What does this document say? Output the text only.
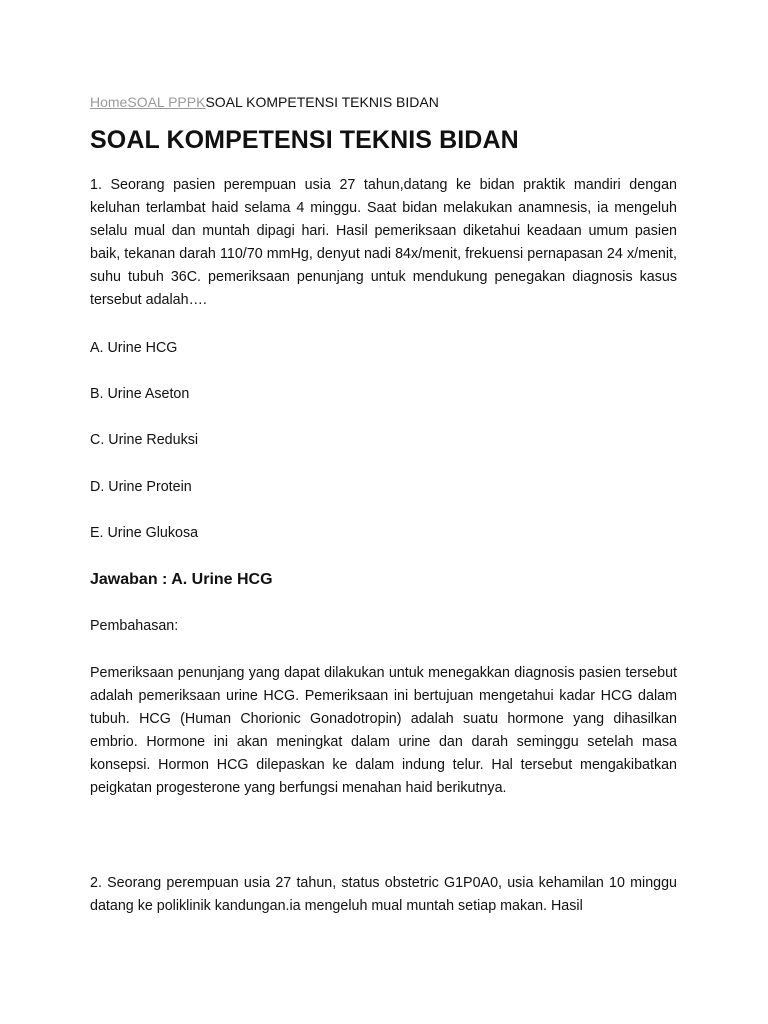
HomeSOAL PPPKSOAL KOMPETENSI TEKNIS BIDAN
SOAL KOMPETENSI TEKNIS BIDAN

1. Seorang pasien perempuan usia 27 tahun,datang ke bidan praktik mandiri dengan keluhan terlambat haid selama 4 minggu. Saat bidan melakukan anamnesis, ia mengeluh selalu mual dan muntah dipagi hari. Hasil pemeriksaan diketahui keadaan umum pasien baik, tekanan darah 110/70 mmHg, denyut nadi 84x/menit, frekuensi pernapasan 24 x/menit, suhu tubuh 36C. pemeriksaan penunjang untuk mendukung penegakan diagnosis kasus tersebut adalah….

A. Urine HCG

B. Urine Aseton

C. Urine Reduksi

D. Urine Protein

E. Urine Glukosa

Jawaban : A. Urine HCG

Pembahasan:

Pemeriksaan penunjang yang dapat dilakukan untuk menegakkan diagnosis pasien tersebut adalah pemeriksaan urine HCG. Pemeriksaan ini bertujuan mengetahui kadar HCG dalam tubuh. HCG (Human Chorionic Gonadotropin) adalah suatu hormone yang dihasilkan embrio. Hormone ini akan meningkat dalam urine dan darah seminggu setelah masa konsepsi. Hormon HCG dilepaskan ke dalam indung telur. Hal tersebut mengakibatkan peigkatan progesterone yang berfungsi menahan haid berikutnya.

2. Seorang perempuan usia 27 tahun, status obstetric G1P0A0, usia kehamilan 10 minggu datang ke poliklinik kandungan.ia mengeluh mual muntah setiap makan. Hasil
